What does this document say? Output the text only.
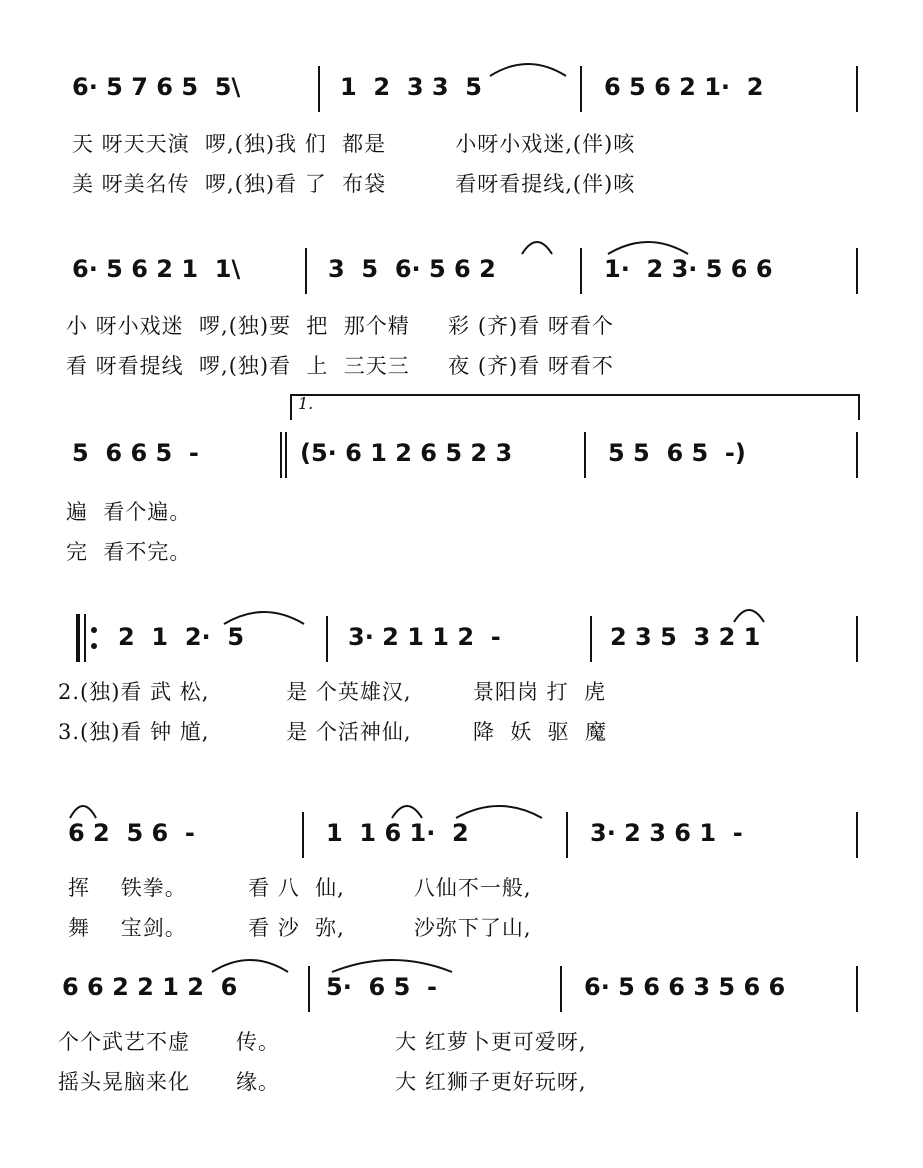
6· 5 7 6 5  5\	1  2  3 3  5	6 5 6 2 1·  2
天 呀天天演  啰,(独)我 们  都是         小呀小戏迷,(伴)咳
美 呀美名传  啰,(独)看 了  布袋         看呀看提线,(伴)咳
6· 5 6 2 1  1\	3  5  6· 5 6 2	1·  2 3· 5 6 6
小 呀小戏迷  啰,(独)要  把  那个精     彩 (齐)看 呀看个
看 呀看提线  啰,(独)看  上  三天三     夜 (齐)看 呀看不
1.
5  6 6 5  -	(5· 6 1 2 6 5 2 3	5 5  6 5  -)
遍  看个遍。
完  看不完。
2  1  2·  5	3· 2 1 1 2  -	2 3 5  3 2 1
2.(独)看 武 松,          是 个英雄汉,        景阳岗 打  虎
3.(独)看 钟 馗,          是 个活神仙,        降  妖  驱  魔
6 2  5 6  -	1  1 6 1·  2	3· 2 3 6 1  -
挥    铁拳。        看 八  仙,         八仙不一般,
舞    宝剑。        看 沙  弥,         沙弥下了山,
6 6 2 2 1 2  6	5·  6 5  -	6· 5 6 6 3 5 6 6
个个武艺不虚      传。               大 红萝卜更可爱呀,
摇头晃脑来化      缘。               大 红狮子更好玩呀,
